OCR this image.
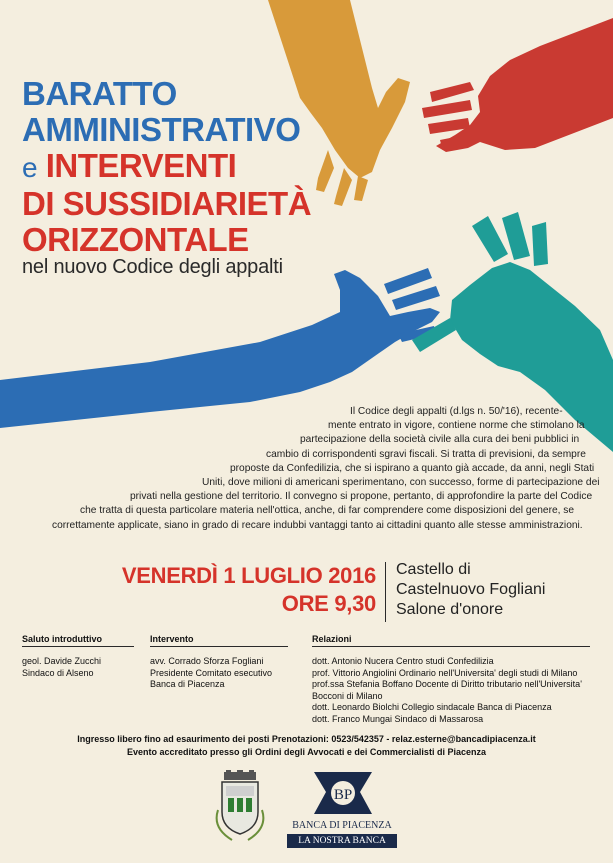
BARATTO
AMMINISTRATIVO
e INTERVENTI
DI SUSSIDIARIETÀ
ORIZZONTALE
nel nuovo Codice degli appalti
Il Codice degli appalti (d.lgs n. 50/'16), recente-
mente entrato in vigore, contiene norme che stimolano la
partecipazione della società civile alla cura dei beni pubblici in
cambio di corrispondenti sgravi fiscali. Si tratta di previsioni, da sempre
proposte da Confedilizia, che si ispirano a quanto già accade, da anni, negli Stati
Uniti, dove milioni di americani sperimentano, con successo, forme di partecipazione dei
privati nella gestione del territorio. Il convegno si propone, pertanto, di approfondire la parte del Codice
che tratta di questa particolare materia nell'ottica, anche, di far comprendere come disposizioni del genere, se
correttamente applicate, siano in grado di recare indubbi vantaggi tanto ai cittadini quanto alle stesse amministrazioni.
VENERDÌ 1 LUGLIO 2016
ORE 9,30
Castello di
Castelnuovo Fogliani
Salone d'onore
Saluto introduttivo	Intervento	Relazioni
geol. Davide Zucchi
Sindaco di Alseno
avv. Corrado Sforza Fogliani
Presidente Comitato esecutivo
Banca di Piacenza
dott. Antonio Nucera Centro studi Confedilizia
prof. Vittorio Angiolini Ordinario nell'Universita' degli studi di Milano
prof.ssa Stefania Boffano Docente di Diritto tributario nell'Universita'
Bocconi di Milano
dott. Leonardo Biolchi Collegio sindacale Banca di Piacenza
dott. Franco Mungai Sindaco di Massarosa
Ingresso libero fino ad esaurimento dei posti Prenotazioni: 0523/542357 - relaz.esterne@bancadipiacenza.it
Evento accreditato presso gli Ordini degli Avvocati e dei Commercialisti di Piacenza
BP
BANCA DI PIACENZA
LA NOSTRA BANCA
